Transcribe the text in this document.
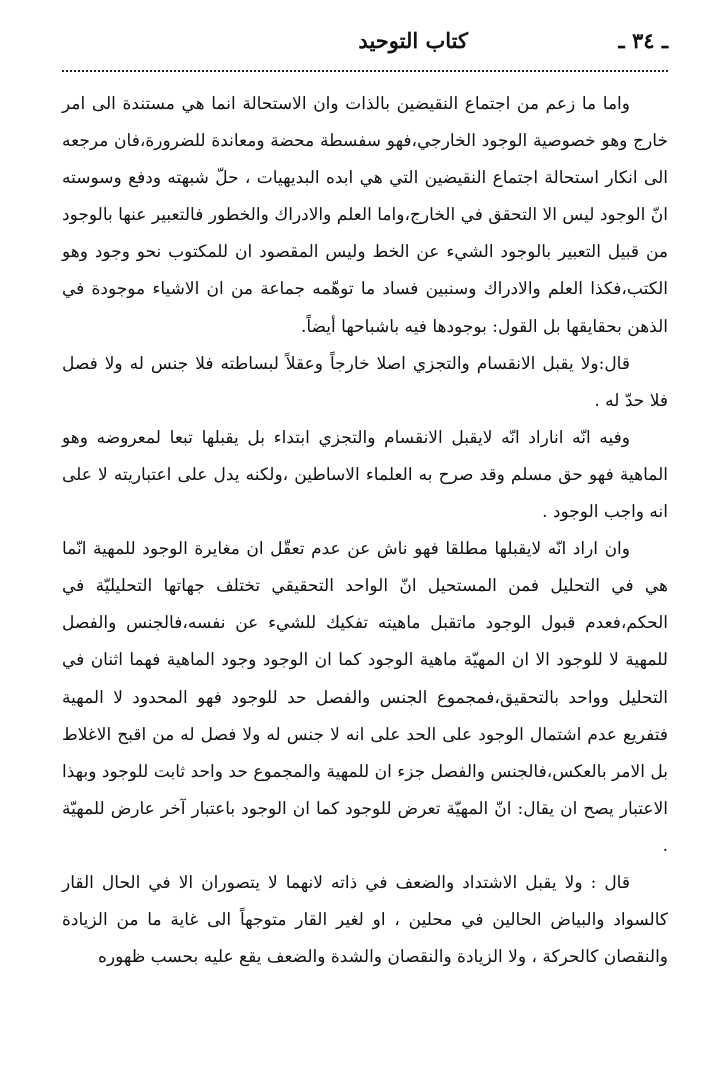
ـ ٣٤ ـ
كتاب التوحيد

واما ما زعم من اجتماع النقيضين بالذات وان الاستحالة انما هي مستندة الى امر خارج وهو خصوصية الوجود الخارجي،فهو سفسطة محضة ومعاندة للضرورة،فان مرجعه الى انكار استحالة اجتماع النقيضين التي هي ابده البديهيات ، حلّ شبهته ودفع وسوسته انّ الوجود ليس الا التحقق في الخارج،واما العلم والادراك والخطور فالتعبير عنها بالوجود من قبيل التعبير بالوجود الشيء عن الخط وليس المقصود ان للمكتوب نحو وجود وهو الكتب،فكذا العلم والادراك وسنبين فساد ما توهّمه جماعة من ان الاشياء موجودة في الذهن بحقايقها بل القول: بوجودها فيه باشباحها أيضاً.

قال:ولا يقبل الانقسام والتجزي اصلا خارجاً وعقلاً لبساطته فلا جنس له ولا فصل فلا حدّ له .

وفيه انّه اناراد انّه لايقبل الانقسام والتجزي ابتداء بل يقبلها تبعا لمعروضه وهو الماهية فهو حق مسلم وقد صرح به العلماء الاساطين ،ولكنه يدل على اعتباريته لا على انه واجب الوجود .

وان اراد انّه لايقبلها مطلقا فهو ناش عن عدم تعقّل ان مغايرة الوجود للمهية انّما هي في التحليل فمن المستحيل انّ الواحد التحقيقي تختلف جهاتها التحليليّة في الحكم،فعدم قبول الوجود ماتقبل ماهيته تفكيك للشيء عن نفسه،فالجنس والفصل للمهية لا للوجود الا ان المهيّة ماهية الوجود كما ان الوجود وجود الماهية فهما اثنان في التحليل وواحد بالتحقيق،فمجموع الجنس والفصل حد للوجود فهو المحدود لا المهية فتفريع عدم اشتمال الوجود على الحد على انه لا جنس له ولا فصل له من اقبح الاغلاط بل الامر بالعكس،فالجنس والفصل جزء ان للمهية والمجموع حد واحد ثابت للوجود وبهذا الاعتبار يصح ان يقال: انّ المهيّة تعرض للوجود كما ان الوجود باعتبار آخر عارض للمهيّة .

قال : ولا يقبل الاشتداد والضعف في ذاته لانهما لا يتصوران الا في الحال القار كالسواد والبياض الحالين في محلين ، او لغير القار متوجهاً الى غاية ما من الزيادة والنقصان كالحركة ، ولا الزيادة والنقصان والشدة والضعف يقع عليه بحسب ظهوره
